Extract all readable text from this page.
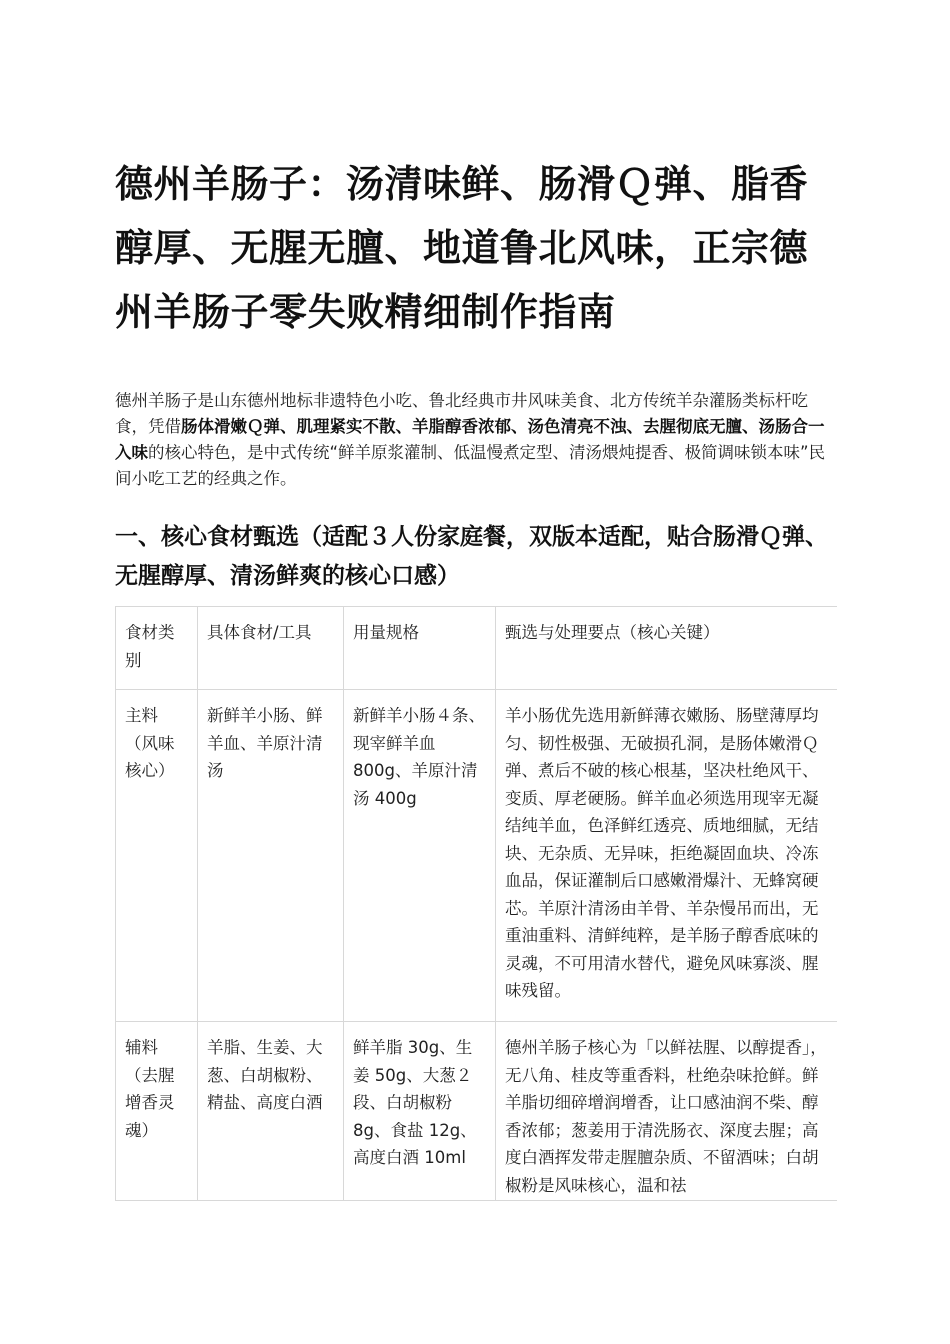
德州羊肠子：汤清味鲜、肠滑Ｑ弹、脂香醇厚、无腥无膻、地道鲁北风味，正宗德州羊肠子零失败精细制作指南

德州羊肠子是山东德州地标非遗特色小吃、鲁北经典市井风味美食、北方传统羊杂灌肠类标杆吃食，凭借肠体滑嫩Ｑ弹、肌理紧实不散、羊脂醇香浓郁、汤色清亮不浊、去腥彻底无膻、汤肠合一入味的核心特色，是中式传统“鲜羊原浆灌制、低温慢煮定型、清汤煨炖提香、极简调味锁本味”民间小吃工艺的经典之作。

一、核心食材甄选（适配３人份家庭餐，双版本适配，贴合肠滑Ｑ弹、无腥醇厚、清汤鲜爽的核心口感）
食材类别	具体食材/工具	用量规格	甄选与处理要点（核心关键）
主料（风味核心）	新鲜羊小肠、鲜羊血、羊原汁清汤	新鲜羊小肠４条、现宰鲜羊血800g、羊原汁清汤 400g	羊小肠优先选用新鲜薄衣嫩肠、肠壁薄厚均匀、韧性极强、无破损孔洞，是肠体嫩滑Ｑ弹、煮后不破的核心根基，坚决杜绝风干、变质、厚老硬肠。鲜羊血必须选用现宰无凝结纯羊血，色泽鲜红透亮、质地细腻，无结块、无杂质、无异味，拒绝凝固血块、冷冻血品，保证灌制后口感嫩滑爆汁、无蜂窝硬芯。羊原汁清汤由羊骨、羊杂慢吊而出，无重油重料、清鲜纯粹，是羊肠子醇香底味的灵魂，不可用清水替代，避免风味寡淡、腥味残留。
辅料（去腥增香灵魂）	羊脂、生姜、大葱、白胡椒粉、精盐、高度白酒	鲜羊脂 30g、生姜 50g、大葱２段、白胡椒粉8g、食盐 12g、高度白酒 10ml	德州羊肠子核心为「以鲜祛腥、以醇提香」，无八角、桂皮等重香料，杜绝杂味抢鲜。鲜羊脂切细碎增润增香，让口感油润不柴、醇香浓郁；葱姜用于清洗肠衣、深度去腥；高度白酒挥发带走腥膻杂质、不留酒味；白胡椒粉是风味核心，温和祛
